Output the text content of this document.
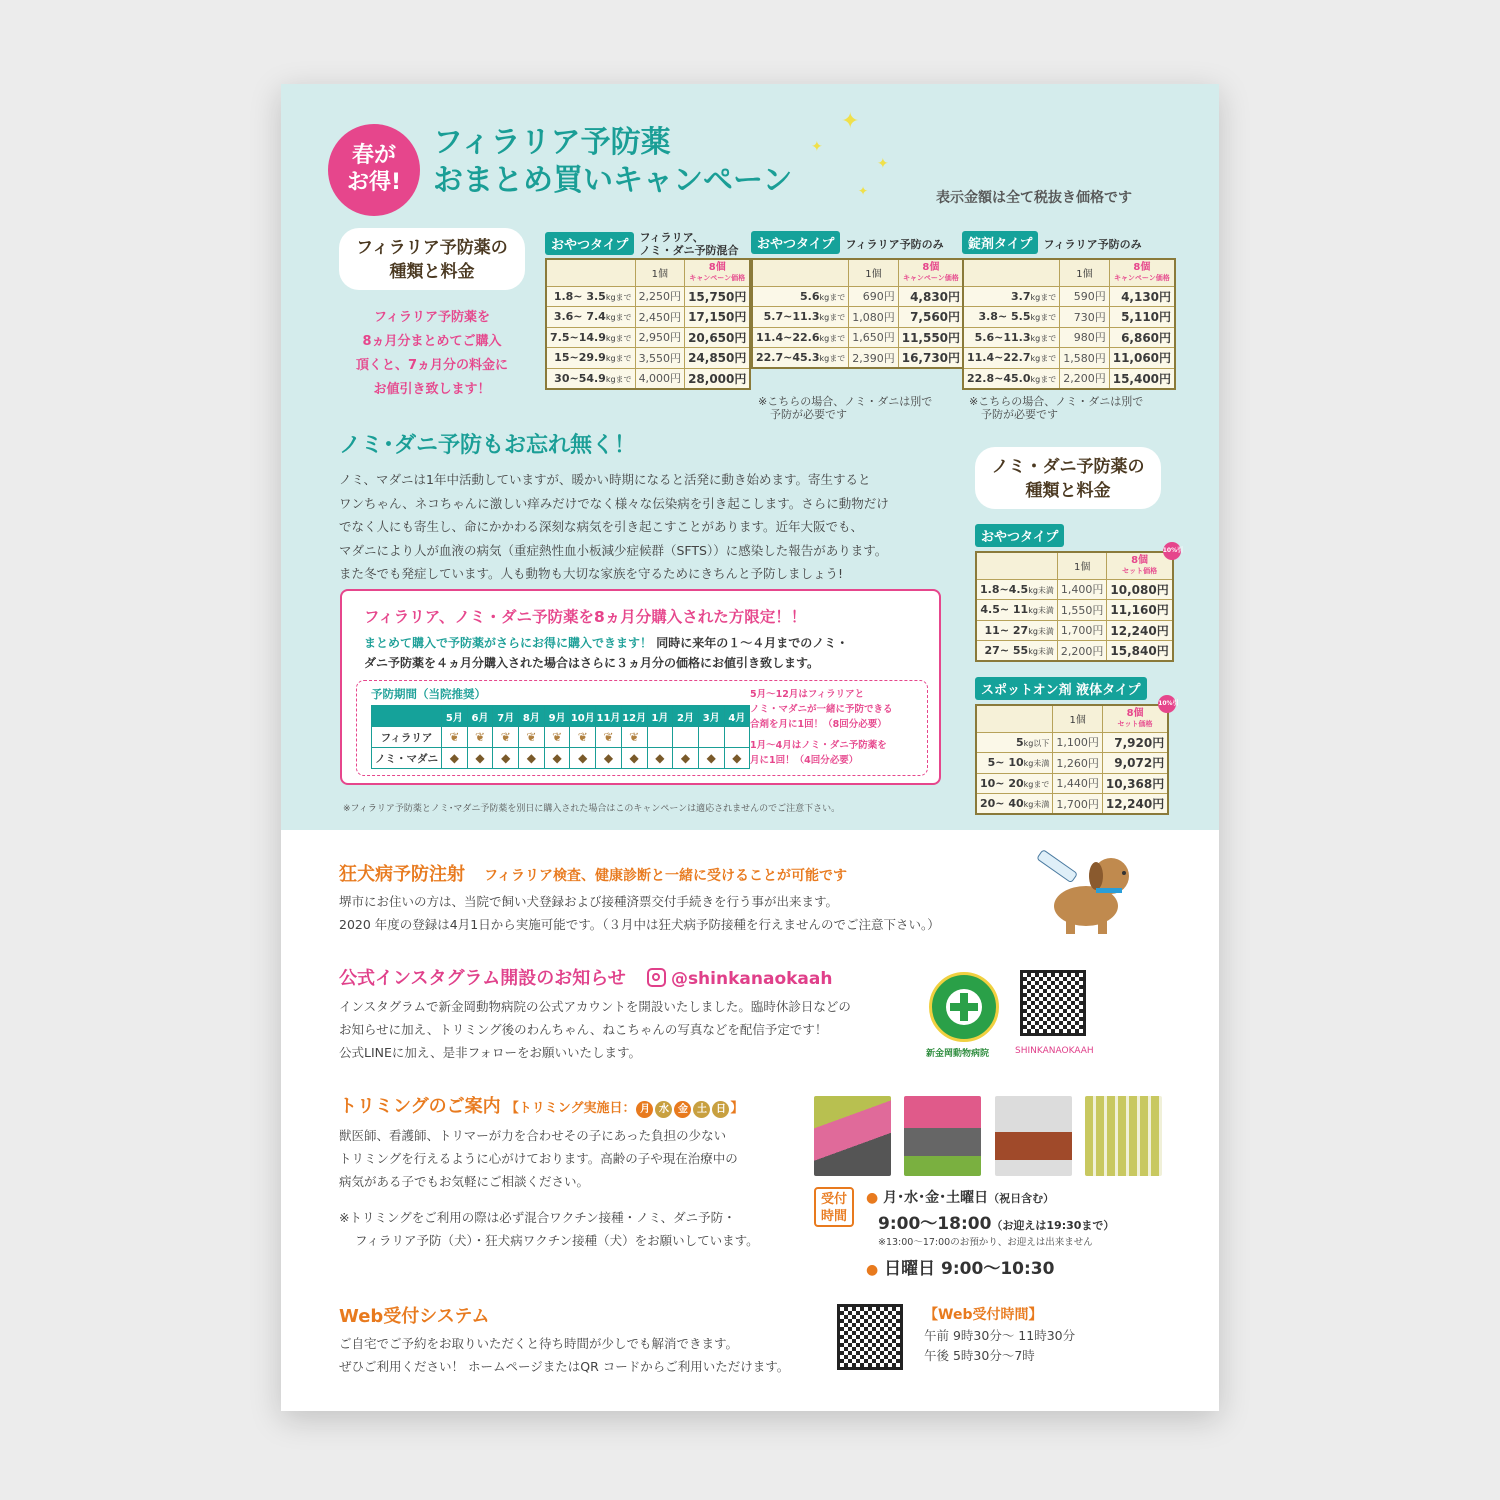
春が
お得!
フィラリア予防薬
おまとめ買いキャンペーン
✦
✦
✦
✦	表示金額は全て税抜き価格です
フィラリア予防薬の
種類と料金
フィラリア予防薬を
8ヵ月分まとめてご購入
頂くと、7ヵ月分の料金に
お値引き致します！
おやつタイプ フィラリア、
ノミ・ダニ予防混合
	1個	8個
キャンペーン価格

1.8~ 3.5kgまで	2,250円	15,750円
3.6~ 7.4kgまで	2,450円	17,150円
7.5~14.9kgまで	2,950円	20,650円
15~29.9kgまで	3,550円	24,850円
30~54.9kgまで	4,000円	28,000円
おやつタイプ フィラリア予防のみ
	1個	8個
キャンペーン価格

5.6kgまで	690円	4,830円
5.7~11.3kgまで	1,080円	7,560円
11.4~22.6kgまで	1,650円	11,550円
22.7~45.3kgまで	2,390円	16,730円
※こちらの場合、ノミ・ダニは別で
予防が必要です
錠剤タイプ フィラリア予防のみ
	1個	8個
キャンペーン価格

3.7kgまで	590円	4,130円
3.8~ 5.5kgまで	730円	5,110円
5.6~11.3kgまで	980円	6,860円
11.4~22.7kgまで	1,580円	11,060円
22.8~45.0kgまで	2,200円	15,400円
※こちらの場合、ノミ・ダニは別で
予防が必要です
ノミ･ダニ予防もお忘れ無く！
ノミ、マダニは1年中活動していますが、暖かい時期になると活発に動き始めます。寄生すると
ワンちゃん、ネコちゃんに激しい痒みだけでなく様々な伝染病を引き起こします。さらに動物だけ
でなく人にも寄生し、命にかかわる深刻な病気を引き起こすことがあります。近年大阪でも、
マダニにより人が血液の病気（重症熱性血小板減少症候群（SFTS））に感染した報告があります。
また冬でも発症しています。人も動物も大切な家族を守るためにきちんと予防しましょう!
ノミ・ダニ予防薬の
種類と料金
おやつタイプ
	1個	8個
セット価格
10%引

1.8~4.5kg未満	1,400円	10,080円
4.5~ 11kg未満	1,550円	11,160円
11~ 27kg未満	1,700円	12,240円
27~ 55kg未満	2,200円	15,840円
スポットオン剤 液体タイプ
	1個	8個
セット価格
10%引

5kg以下	1,100円	7,920円
5~ 10kg未満	1,260円	9,072円
10~ 20kgまで	1,440円	10,368円
20~ 40kg未満	1,700円	12,240円
フィラリア、ノミ・ダニ予防薬を8ヵ月分購入された方限定！！
まとめて購入で予防薬がさらにお得に購入できます！ 同時に来年の１～４月までのノミ・
ダニ予防薬を４ヵ月分購入された場合はさらに３ヵ月分の価格にお値引き致します。
予防期間（当院推奨）
	5月	6月	7月	8月	9月	10月	11月	12月	1月	2月	3月	4月
フィラリア	❦	❦	❦	❦	❦	❦	❦	❦				
ノミ・マダニ	◆	◆	◆	◆	◆	◆	◆	◆	◆	◆	◆	◆
5月～12月はフィラリアと
ノミ・マダニが一緒に予防できる
合剤を月に1回！（8回分必要）
1月～4月はノミ・ダニ予防薬を
月に1回！（4回分必要）
※フィラリア予防薬とノミ･マダニ予防薬を別日に購入された場合はこのキャンペーンは適応されませんのでご注意下さい。
狂犬病予防注射 フィラリア検査、健康診断と一緒に受けることが可能です
堺市にお住いの方は、当院で飼い犬登録および接種済票交付手続きを行う事が出来ます。
2020 年度の登録は4月1日から実施可能です。（３月中は狂犬病予防接種を行えませんのでご注意下さい。）
公式インスタグラム開設のお知らせ	@shinkanaokaah
インスタグラムで新金岡動物病院の公式アカウントを開設いたしました。臨時休診日などの
お知らせに加え、トリミング後のわんちゃん、ねこちゃんの写真などを配信予定です！
公式LINEに加え、是非フォローをお願いいたします。	新金岡動物病院	SHINKANAOKAAH
トリミングのご案内 【トリミング実施日： 月 水 金 土 日 】
獣医師、看護師、トリマーが力を合わせその子にあった負担の少ない
トリミングを行えるように心がけております。高齢の子や現在治療中の
病気がある子でもお気軽にご相談ください。
※トリミングをご利用の際は必ず混合ワクチン接種・ノミ、ダニ予防・
フィラリア予防（犬）・狂犬病ワクチン接種（犬）をお願いしています。
受付
時間
● 月･水･金･土曜日（祝日含む）
9:00〜18:00（お迎えは19:30まで）
※13:00〜17:00のお預かり、お迎えは出来ません
● 日曜日 9:00〜10:30
Web受付システム
ご自宅でご予約をお取りいただくと待ち時間が少しでも解消できます。
ぜひご利用ください！ ホームページまたはQR コードからご利用いただけます。
【Web受付時間】
午前 9時30分～ 11時30分
午後 5時30分～7時
